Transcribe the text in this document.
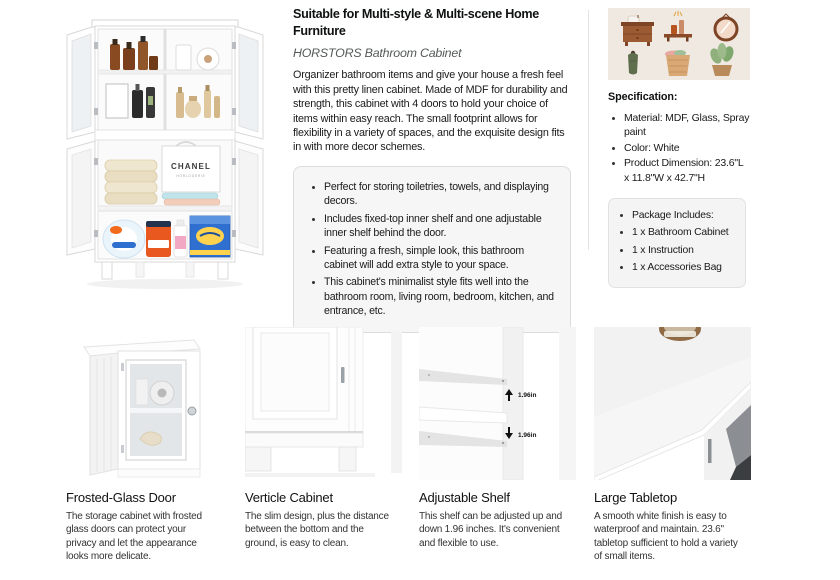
CHANEL
HORLOGERIE
Suitable for Multi-style & Multi-scene Home Furniture
HORSTORS Bathroom Cabinet
Organizer bathroom items and give your house a fresh feel with this pretty linen cabinet. Made of MDF for durability and strength, this cabinet with 4 doors to hold your choice of items within easy reach. The small footprint allows for flexibility in a variety of spaces, and the exquisite design fits in with more decor schemes.
• Perfect for storing toiletries, towels, and displaying decors.
• Includes fixed-top inner shelf and one adjustable inner shelf behind the door.
• Featuring a fresh, simple look, this bathroom cabinet will add extra style to your space.
• This cabinet's minimalist style fits well into the bathroom room, living room, bedroom, kitchen, and entrance, etc.
Specification:
• Material: MDF, Glass, Spray paint
• Color: White
• Product Dimension: 23.6"L x 11.8"W x 42.7"H
• Package Includes:
• 1 x Bathroom Cabinet
• 1 x Instruction
• 1 x Accessories Bag
Frosted-Glass Door

The storage cabinet with frosted glass doors can protect your privacy and let the appearance looks more delicate.

Verticle Cabinet

The slim design, plus the distance between the bottom and the ground, is easy to clean.

1.96in
1.96in
Adjustable Shelf

This shelf can be adjusted up and down 1.96 inches. It's convenient and flexible to use.

Large Tabletop

A smooth white finish is easy to waterproof and maintain. 23.6" tabletop sufficient to hold a variety of small items.
